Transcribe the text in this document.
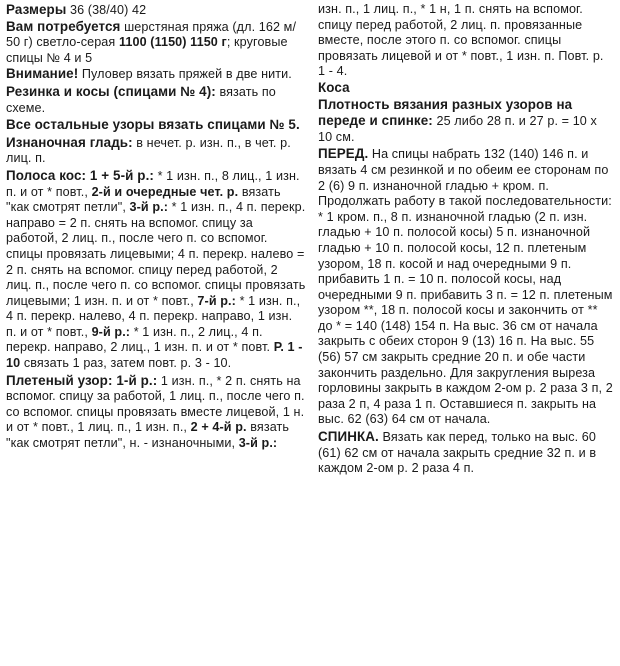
Размеры 36 (38/40) 42

Вам потребуется шерстяная пряжа (дл. 162 м/ 50 г) светло-серая 1100 (1150) 1150 г; круговые спицы № 4 и 5

Внимание! Пуловер вязать пряжей в две нити.

Резинка и косы (спицами № 4): вязать по схеме.

Все остальные узоры вязать спицами № 5.

Изнаночная гладь: в нечет. р. изн. п., в чет. р. лиц. п.

Полоса кос: 1 + 5-й р.: * 1 изн. п., 8 лиц., 1 изн. п. и от * повт., 2-й и очередные чет. р. вязать "как смотрят петли", 3-й р.: * 1 изн. п., 4 п. перекр. направо = 2 п. снять на вспомог. спицу за работой, 2 лиц. п., после чего п. со вспомог. спицы провязать лицевыми; 4 п. перекр. налево = 2 п. снять на вспомог. спицу перед работой, 2 лиц. п., после чего п. со вспомог. спицы провязать лицевыми; 1 изн. п. и от * повт., 7-й р.: * 1 изн. п., 4 п. перекр. налево, 4 п. перекр. направо, 1 изн. п. и от * повт., 9-й р.: * 1 изн. п., 2 лиц., 4 п. перекр. направо, 2 лиц., 1 изн. п. и от * повт. Р. 1 - 10 связать 1 раз, затем повт. р. 3 - 10.

Плетеный узор: 1-й р.: 1 изн. п., * 2 п. снять на вспомог. спицу за работой, 1 лиц. п., после чего п. со вспомог. спицы провязать вместе лицевой, 1 н. и от * повт., 1 лиц. п., 1 изн. п., 2 + 4-й р. вязать "как смотрят петли", н. - изнаночными, 3-й р.:

изн. п., 1 лиц. п., * 1 н, 1 п. снять на вспомог. спицу перед работой, 2 лиц. п. провязанные вместе, после этого п. со вспомог. спицы провязать лицевой и от * повт., 1 изн. п. Повт. р. 1 - 4.

Коса

Плотность вязания разных узоров на переде и спинке: 25 либо 28 п. и 27 р. = 10 х 10 см.

ПЕРЕД. На спицы набрать 132 (140) 146 п. и вязать 4 см резинкой и по обеим ее сторонам по 2 (6) 9 п. изнаночной гладью + кром. п. Продолжать работу в такой последовательности: * 1 кром. п., 8 п. изнаночной гладью (2 п. изн. гладью + 10 п. полосой косы) 5 п. изнаночной гладью + 10 п. полосой косы, 12 п. плетеным узором, 18 п. косой и над очередными 9 п. прибавить 1 п. = 10 п. полосой косы, над очередными 9 п. прибавить 3 п. = 12 п. плетеным узором **, 18 п. полосой косы и закончить от ** до * = 140 (148) 154 п. На выс. 36 см от начала закрыть с обеих сторон 9 (13) 16 п. На выс. 55 (56) 57 см закрыть средние 20 п. и обе части закончить раздельно. Для закругления выреза горловины закрыть в каждом 2-ом р. 2 раза 3 п, 2 раза 2 п, 4 раза 1 п. Оставшиеся п. закрыть на выс. 62 (63) 64 см от начала.

СПИНКА. Вязать как перед, только на выс. 60 (61) 62 см от начала закрыть средние 32 п. и в каждом 2-ом р. 2 раза 4 п.
